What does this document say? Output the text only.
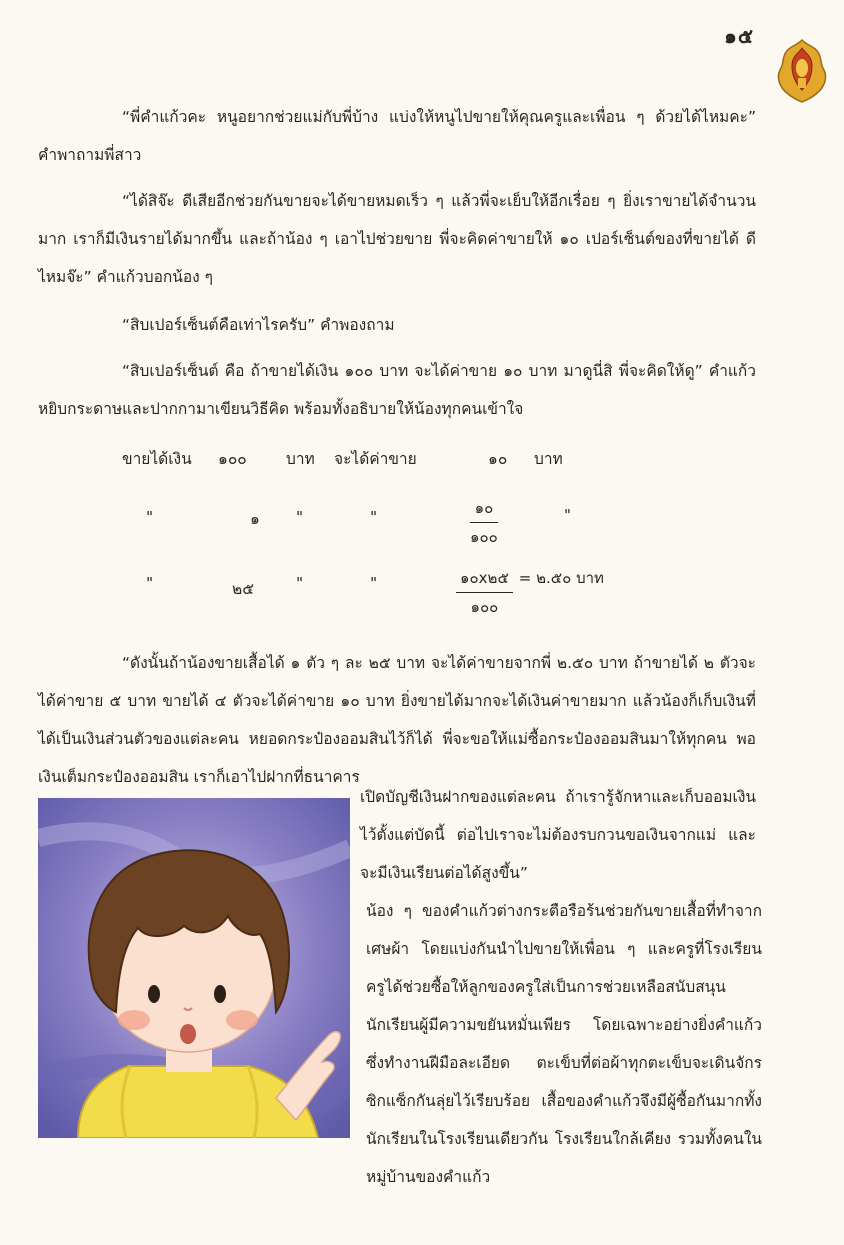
๑๕

“พี่คำแก้วคะ หนูอยากช่วยแม่กับพี่บ้าง แบ่งให้หนูไปขายให้คุณครูและเพื่อน ๆ ด้วยได้ไหมคะ” คำพาถามพี่สาว

“ได้สิจ๊ะ ดีเสียอีกช่วยกันขายจะได้ขายหมดเร็ว ๆ แล้วพี่จะเย็บให้อีกเรื่อย ๆ ยิ่งเราขายได้จำนวนมาก เราก็มีเงินรายได้มากขึ้น และถ้าน้อง ๆ เอาไปช่วยขาย พี่จะคิดค่าขายให้ ๑๐ เปอร์เซ็นต์ของที่ขายได้ ดีไหมจ๊ะ” คำแก้วบอกน้อง ๆ

“สิบเปอร์เซ็นต์คือเท่าไรครับ” คำพองถาม

“สิบเปอร์เซ็นต์ คือ ถ้าขายได้เงิน ๑๐๐ บาท จะได้ค่าขาย ๑๐ บาท มาดูนี่สิ พี่จะคิดให้ดู” คำแก้วหยิบกระดาษและปากกามาเขียนวิธีคิด พร้อมทั้งอธิบายให้น้องทุกคนเข้าใจ

ขายได้เงิน ๑๐๐	บาท จะได้ค่าขาย	๑๐ บาท
"	๑ "	"	๑๐
๑๐๐
"
"	๒๕	"	"	๑๐x๒๕
๑๐๐
= ๒.๕๐ บาท

“ดังนั้นถ้าน้องขายเสื้อได้ ๑ ตัว ๆ ละ ๒๕ บาท จะได้ค่าขายจากพี่ ๒.๕๐ บาท ถ้าขายได้ ๒ ตัวจะได้ค่าขาย ๕ บาท ขายได้ ๔ ตัวจะได้ค่าขาย ๑๐ บาท ยิ่งขายได้มากจะได้เงินค่าขายมาก แล้วน้องก็เก็บเงินที่ได้เป็นเงินส่วนตัวของแต่ละคน หยอดกระป๋องออมสินไว้ก็ได้ พี่จะขอให้แม่ซื้อกระป๋องออมสินมาให้ทุกคน พอเงินเต็มกระป๋องออมสิน เราก็เอาไปฝากที่ธนาคาร

เปิดบัญชีเงินฝากของแต่ละคน ถ้าเรารู้จักหาและเก็บออมเงินไว้ตั้งแต่บัดนี้ ต่อไปเราจะไม่ต้องรบกวนขอเงินจากแม่ และจะมีเงินเรียนต่อได้สูงขึ้น”

น้อง ๆ ของคำแก้วต่างกระตือรือร้นช่วยกันขายเสื้อที่ทำจากเศษผ้า โดยแบ่งกันนำไปขายให้เพื่อน ๆ และครูที่โรงเรียน ครูได้ช่วยซื้อให้ลูกของครูใส่เป็นการช่วยเหลือสนับสนุนนักเรียนผู้มีความขยันหมั่นเพียร โดยเฉพาะอย่างยิ่งคำแก้วซึ่งทำงานฝีมือละเอียด ตะเข็บที่ต่อผ้าทุกตะเข็บจะเดินจักรซิกแซ็กกันลุ่ยไว้เรียบร้อย เสื้อของคำแก้วจึงมีผู้ซื้อกันมากทั้งนักเรียนในโรงเรียนเดียวกัน โรงเรียนใกล้เคียง รวมทั้งคนในหมู่บ้านของคำแก้ว
